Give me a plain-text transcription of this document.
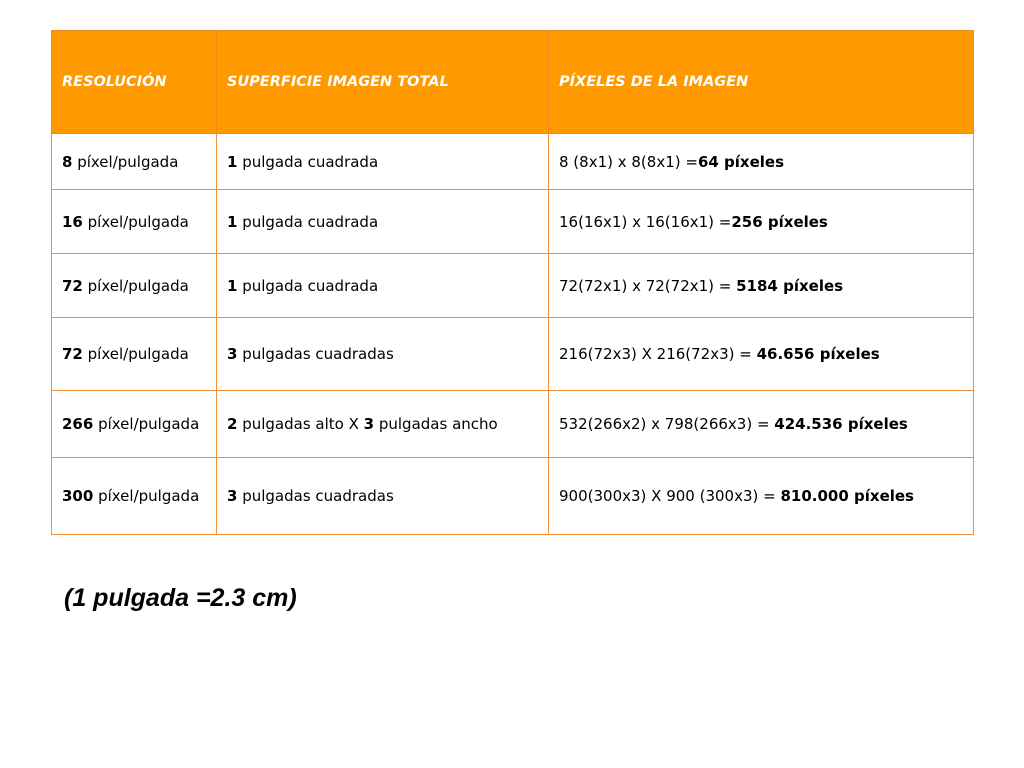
RESOLUCIÓN	SUPERFICIE IMAGEN TOTAL	PÍXELES DE LA IMAGEN
8 píxel/pulgada	1 pulgada cuadrada	8 (8x1) x 8(8x1) =64 píxeles
16 píxel/pulgada	1 pulgada cuadrada	16(16x1) x 16(16x1) =256 píxeles
72 píxel/pulgada	1 pulgada cuadrada	72(72x1) x 72(72x1) = 5184 píxeles
72 píxel/pulgada	3 pulgadas cuadradas	216(72x3) X 216(72x3) = 46.656 píxeles
266 píxel/pulgada	2 pulgadas alto X 3 pulgadas ancho	532(266x2) x 798(266x3) = 424.536 píxeles
300 píxel/pulgada	3 pulgadas cuadradas	900(300x3) X 900 (300x3) = 810.000 píxeles
(1 pulgada =2.3 cm)
